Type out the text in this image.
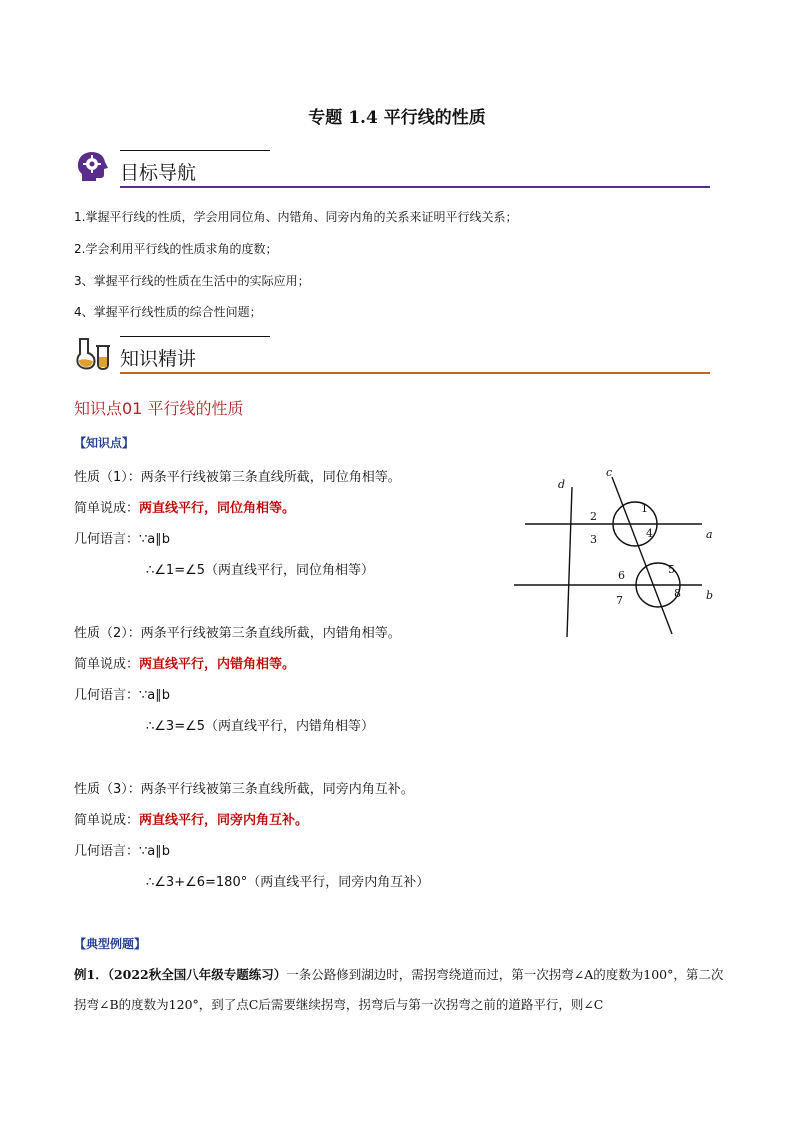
专题 1.4 平行线的性质
目标导航
1.掌握平行线的性质，学会用同位角、内错角、同旁内角的关系来证明平行线关系；
2.学会利用平行线的性质求角的度数；
3、掌握平行线的性质在生活中的实际应用；
4、掌握平行线性质的综合性问题；
知识精讲
知识点01 平行线的性质
【知识点】
性质（1）：两条平行线被第三条直线所截，同位角相等。
简单说成：两直线平行，同位角相等。
几何语言：∵a∥b
∴∠1=∠5（两直线平行，同位角相等）
性质（2）：两条平行线被第三条直线所截，内错角相等。
简单说成：两直线平行，内错角相等。
几何语言：∵a∥b
∴∠3=∠5（两直线平行，内错角相等）
性质（3）：两条平行线被第三条直线所截，同旁内角互补。
简单说成：两直线平行，同旁内角互补。
几何语言：∵a∥b
∴∠3+∠6=180°（两直线平行，同旁内角互补）
c
d
a
b
1
2
3	4
5
6
7
8
【典型例题】
例1．（2022秋全国八年级专题练习）一条公路修到湖边时，需拐弯绕道而过，第一次拐弯∠A的度数为100°，第二次拐弯∠B的度数为120°，到了点C后需要继续拐弯，拐弯后与第一次拐弯之前的道路平行，则∠C
